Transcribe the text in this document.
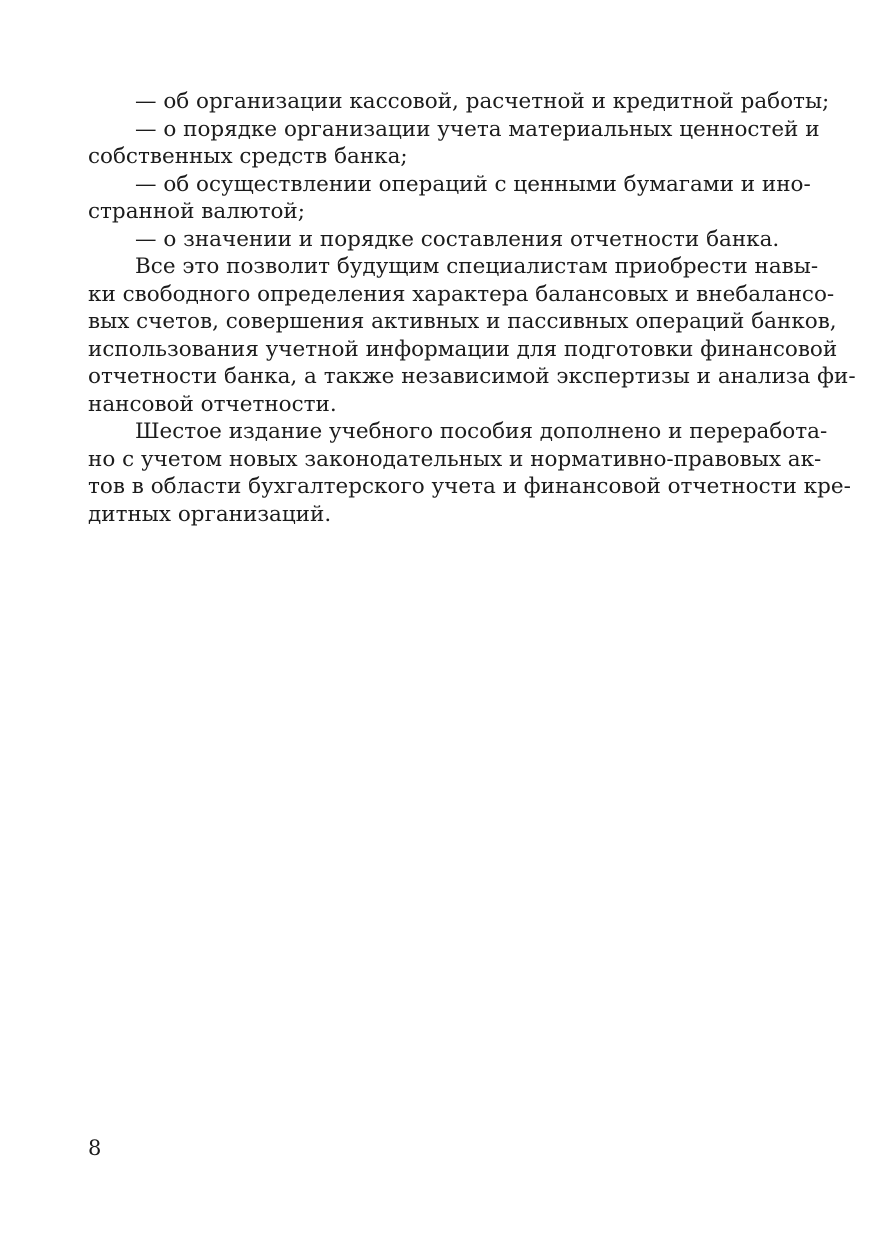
— об организации кассовой, расчетной и кредитной работы;

— о порядке организации учета материальных ценностей и
собственных средств банка;

— об осуществлении операций с ценными бумагами и ино-
странной валютой;

— о значении и порядке составления отчетности банка.

Все это позволит будущим специалистам приобрести навы-
ки свободного определения характера балансовых и внебалансо-
вых счетов, совершения активных и пассивных операций банков,
использования учетной информации для подготовки финансовой
отчетности банка, а также независимой экспертизы и анализа фи-
нансовой отчетности.

Шестое издание учебного пособия дополнено и переработа-
но с учетом новых законодательных и нормативно-правовых ак-
тов в области бухгалтерского учета и финансовой отчетности кре-
дитных организаций.

8
